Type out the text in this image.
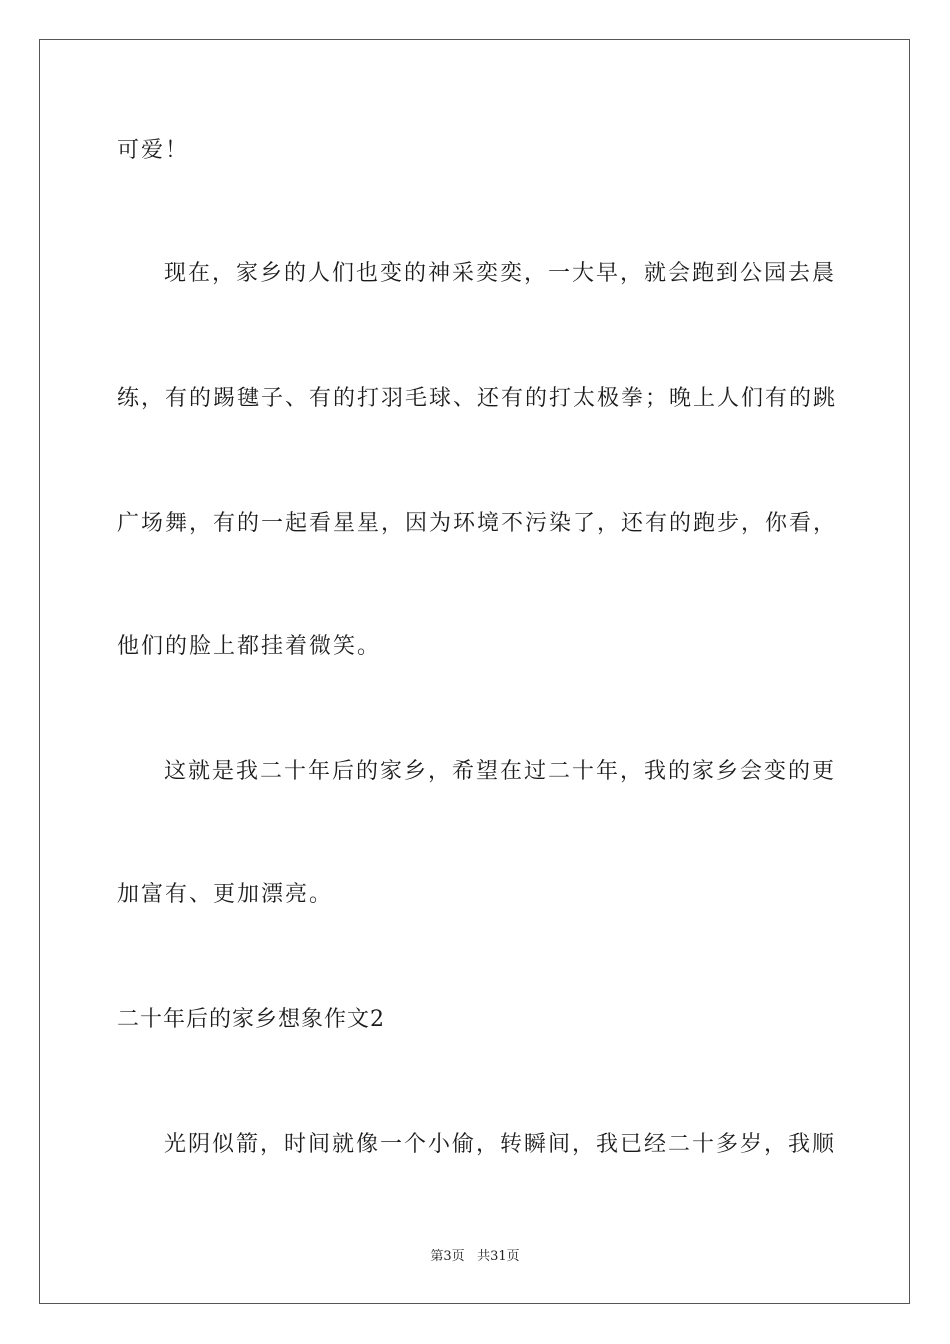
可爱！
现在，家乡的人们也变的神采奕奕，一大早，就会跑到公园去晨
练，有的踢毽子、有的打羽毛球、还有的打太极拳；晚上人们有的跳
广场舞，有的一起看星星，因为环境不污染了，还有的跑步，你看，
他们的脸上都挂着微笑。
这就是我二十年后的家乡，希望在过二十年，我的家乡会变的更
加富有、更加漂亮。
二十年后的家乡想象作文2
光阴似箭，时间就像一个小偷，转瞬间，我已经二十多岁，我顺
第3页 共31页
